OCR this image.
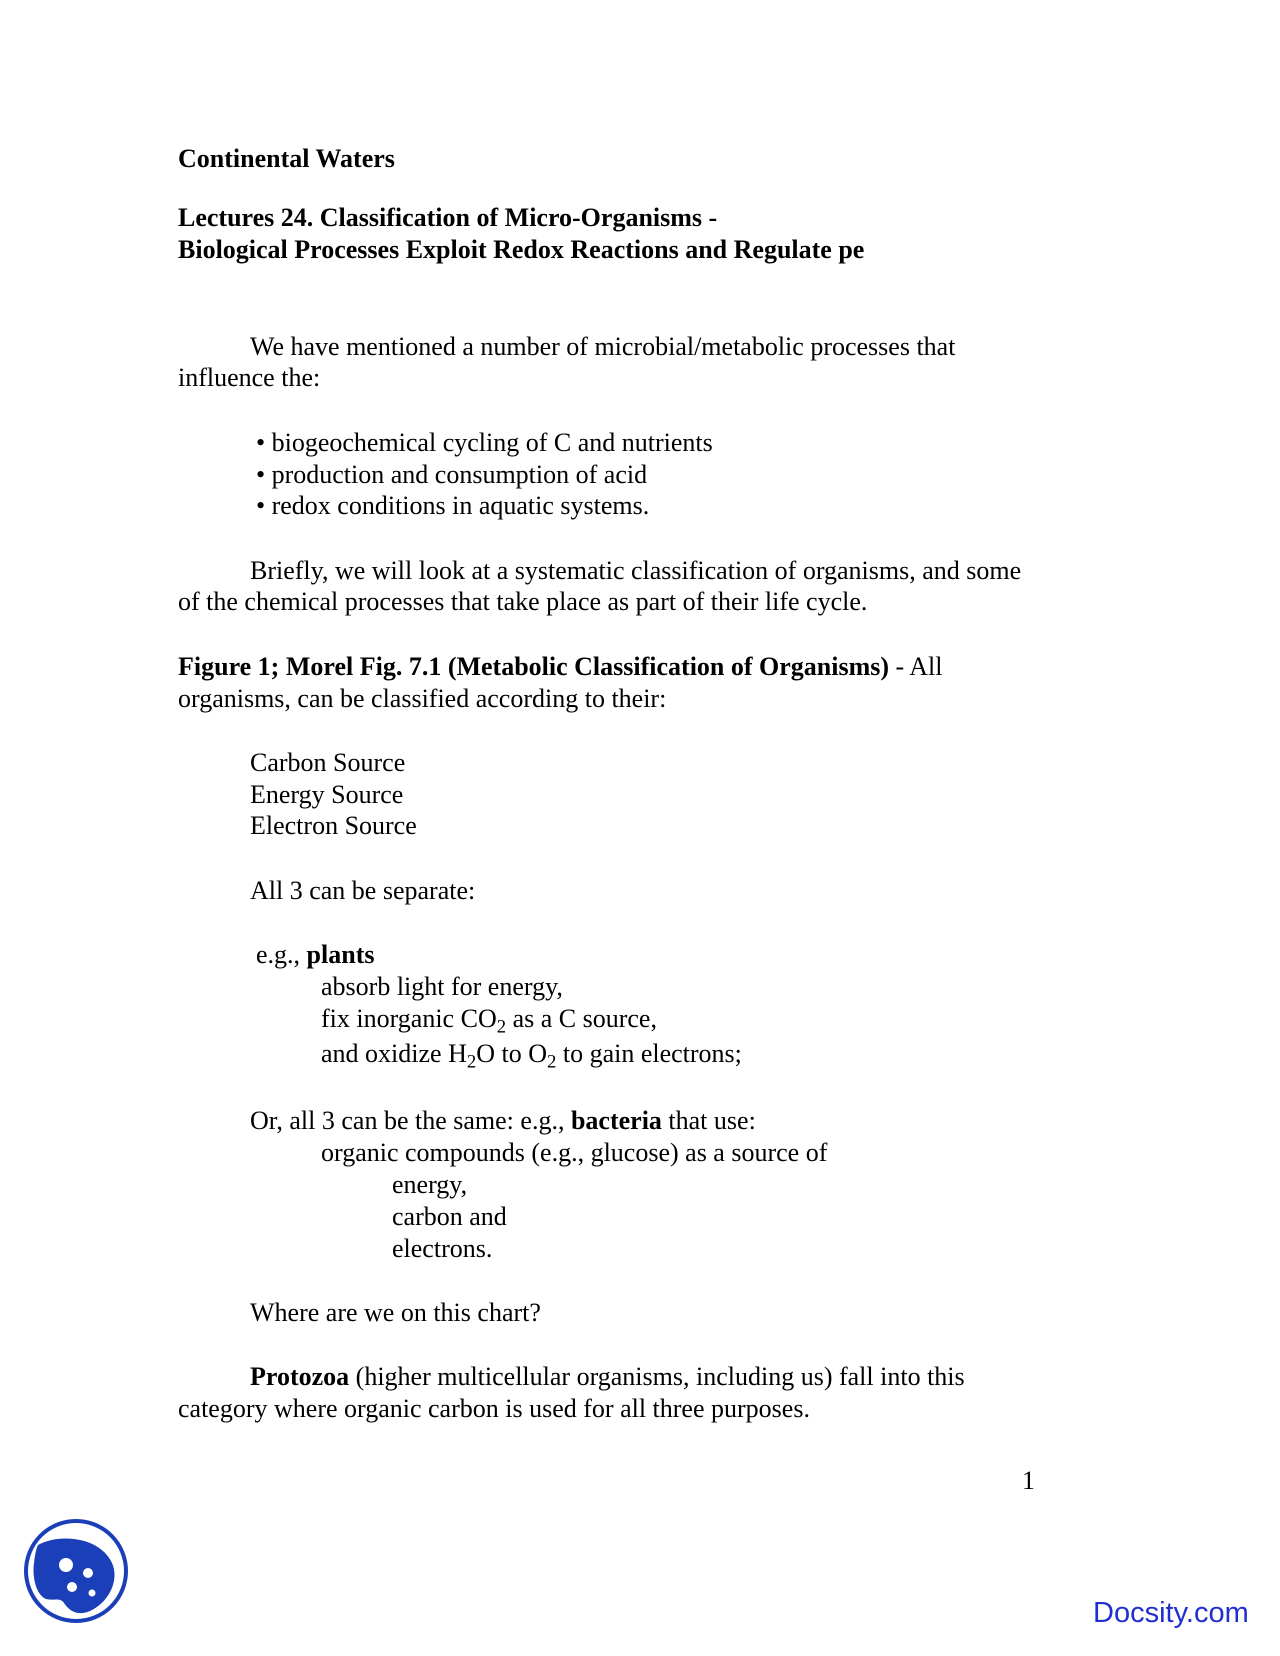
Continental Waters

Lectures 24. Classification of Micro-Organisms -

Biological Processes Exploit Redox Reactions and Regulate pe

We have mentioned a number of microbial/metabolic processes that

influence the:

• biogeochemical cycling of C and nutrients

• production and consumption of acid

• redox conditions in aquatic systems.

Briefly, we will look at a systematic classification of organisms, and some

of the chemical processes that take place as part of their life cycle.

Figure 1; Morel Fig. 7.1 (Metabolic Classification of Organisms) - All

organisms, can be classified according to their:

Carbon Source

Energy Source

Electron Source

All 3 can be separate:

e.g., plants

absorb light for energy,

fix inorganic $CO_2$ as a C source,

and oxidize $H_2O$ to $O_2$ to gain electrons;

Or, all 3 can be the same: e.g., bacteria that use:

organic compounds (e.g., glucose) as a source of

energy,

carbon and

electrons.

Where are we on this chart?

Protozoa (higher multicellular organisms, including us) fall into this

category where organic carbon is used for all three purposes.

1

Docsity.com
